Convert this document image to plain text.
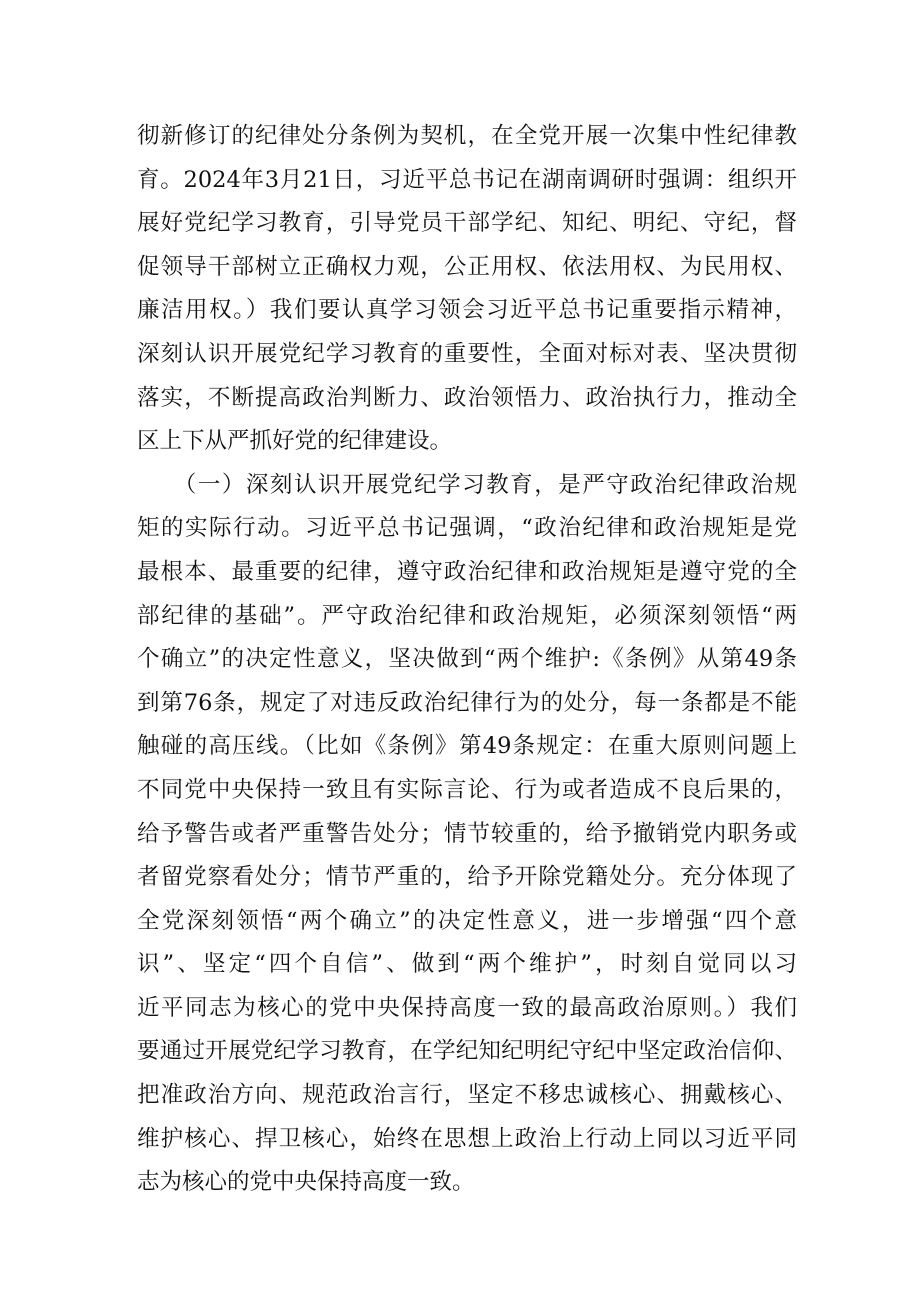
彻新修订的纪律处分条例为契机，在全党开展一次集中性纪律教
育。2024年3月21日，习近平总书记在湖南调研时强调：组织开
展好党纪学习教育，引导党员干部学纪、知纪、明纪、守纪，督
促领导干部树立正确权力观，公正用权、依法用权、为民用权、
廉洁用权。）我们要认真学习领会习近平总书记重要指示精神，
深刻认识开展党纪学习教育的重要性，全面对标对表、坚决贯彻
落实，不断提高政治判断力、政治领悟力、政治执行力，推动全
区上下从严抓好党的纪律建设。
　　（一）深刻认识开展党纪学习教育，是严守政治纪律政治规
矩的实际行动。习近平总书记强调，“政治纪律和政治规矩是党
最根本、最重要的纪律，遵守政治纪律和政治规矩是遵守党的全
部纪律的基础”。严守政治纪律和政治规矩，必须深刻领悟“两
个确立”的决定性意义，坚决做到“两个维护:《条例》从第49条
到第76条，规定了对违反政治纪律行为的处分，每一条都是不能
触碰的高压线。（比如《条例》第49条规定：在重大原则问题上
不同党中央保持一致且有实际言论、行为或者造成不良后果的，
给予警告或者严重警告处分；情节较重的，给予撤销党内职务或
者留党察看处分；情节严重的，给予开除党籍处分。充分体现了
全党深刻领悟“两个确立”的决定性意义，进一步增强“四个意
识”、坚定“四个自信”、做到“两个维护”，时刻自觉同以习
近平同志为核心的党中央保持高度一致的最高政治原则。）我们
要通过开展党纪学习教育，在学纪知纪明纪守纪中坚定政治信仰、
把准政治方向、规范政治言行，坚定不移忠诚核心、拥戴核心、
维护核心、捍卫核心，始终在思想上政治上行动上同以习近平同
志为核心的党中央保持高度一致。
